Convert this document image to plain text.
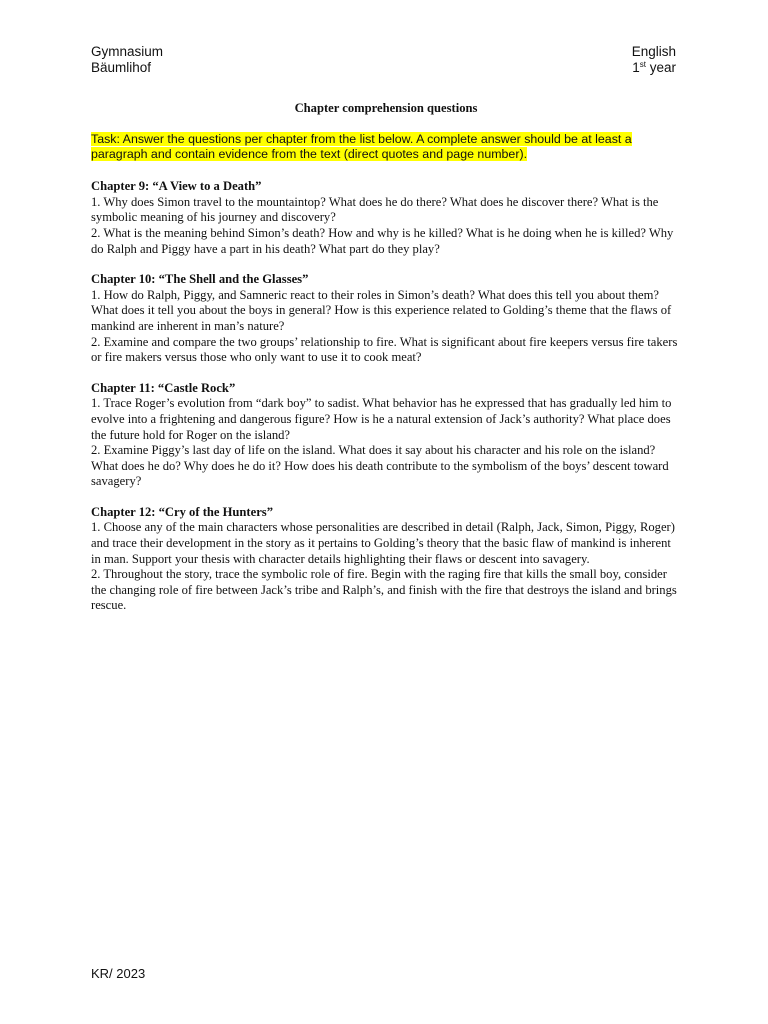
Gymnasium
Bäumlihof
English
1st year
Chapter comprehension questions
Task: Answer the questions per chapter from the list below. A complete answer should be at least a paragraph and contain evidence from the text (direct quotes and page number).
Chapter 9: “A View to a Death”
1. Why does Simon travel to the mountaintop? What does he do there? What does he discover there? What is the symbolic meaning of his journey and discovery?
2. What is the meaning behind Simon’s death? How and why is he killed? What is he doing when he is killed? Why do Ralph and Piggy have a part in his death? What part do they play?
Chapter 10: “The Shell and the Glasses”
1. How do Ralph, Piggy, and Samneric react to their roles in Simon’s death? What does this tell you about them? What does it tell you about the boys in general? How is this experience related to Golding’s theme that the flaws of mankind are inherent in man’s nature?
2. Examine and compare the two groups’ relationship to fire. What is significant about fire keepers versus fire takers or fire makers versus those who only want to use it to cook meat?
Chapter 11: “Castle Rock”
1. Trace Roger’s evolution from “dark boy” to sadist. What behavior has he expressed that has gradually led him to evolve into a frightening and dangerous figure? How is he a natural extension of Jack’s authority? What place does the future hold for Roger on the island?
2. Examine Piggy’s last day of life on the island. What does it say about his character and his role on the island? What does he do? Why does he do it? How does his death contribute to the symbolism of the boys’ descent toward savagery?
Chapter 12: “Cry of the Hunters”
1. Choose any of the main characters whose personalities are described in detail (Ralph, Jack, Simon, Piggy, Roger) and trace their development in the story as it pertains to Golding’s theory that the basic flaw of mankind is inherent in man. Support your thesis with character details highlighting their flaws or descent into savagery.
2. Throughout the story, trace the symbolic role of fire. Begin with the raging fire that kills the small boy, consider the changing role of fire between Jack’s tribe and Ralph’s, and finish with the fire that destroys the island and brings rescue.
KR/ 2023
